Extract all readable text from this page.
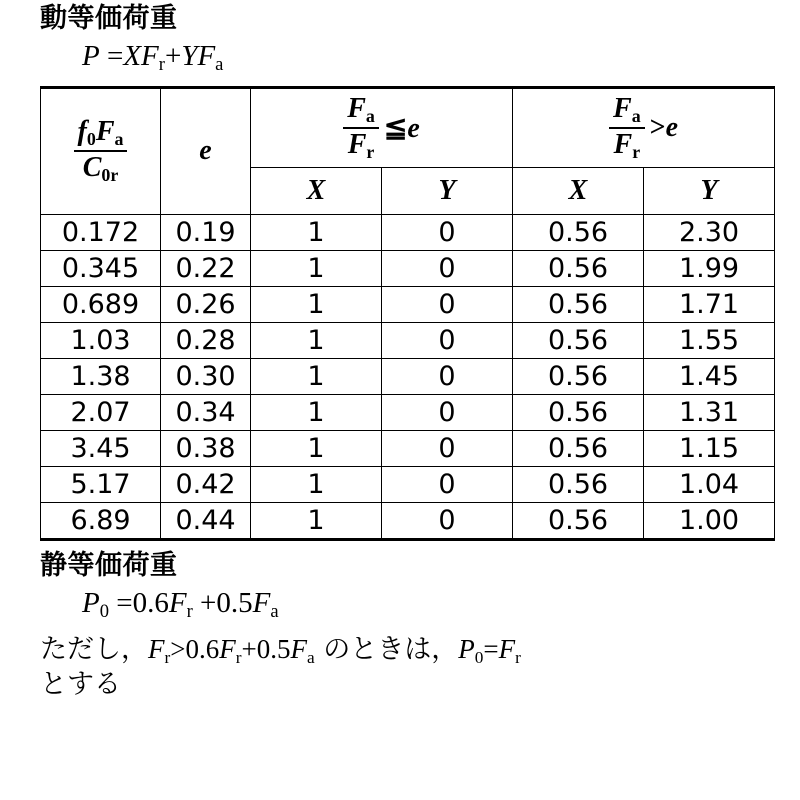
動等価荷重
$P =XF_r+YF_a$
$\frac{f_0F_a}{C_{0r}}$	e	$\frac{F_a}{F_r}$ ≦e		$\frac{F_a}{F_r} >e$	
		X	Y	X	Y
0.172	0.19	1	0	0.56	2.30
0.345	0.22	1	0	0.56	1.99
0.689	0.26	1	0	0.56	1.71
1.03	0.28	1	0	0.56	1.55
1.38	0.30	1	0	0.56	1.45
2.07	0.34	1	0	0.56	1.31
3.45	0.38	1	0	0.56	1.15
5.17	0.42	1	0	0.56	1.04
6.89	0.44	1	0	0.56	1.00
静等価荷重
$P_0 =0.6F_r +0.5F_a$

ただし，$F_r>0.6F_r+0.5F_a$ のときは，$P_0=F_r$

とする
